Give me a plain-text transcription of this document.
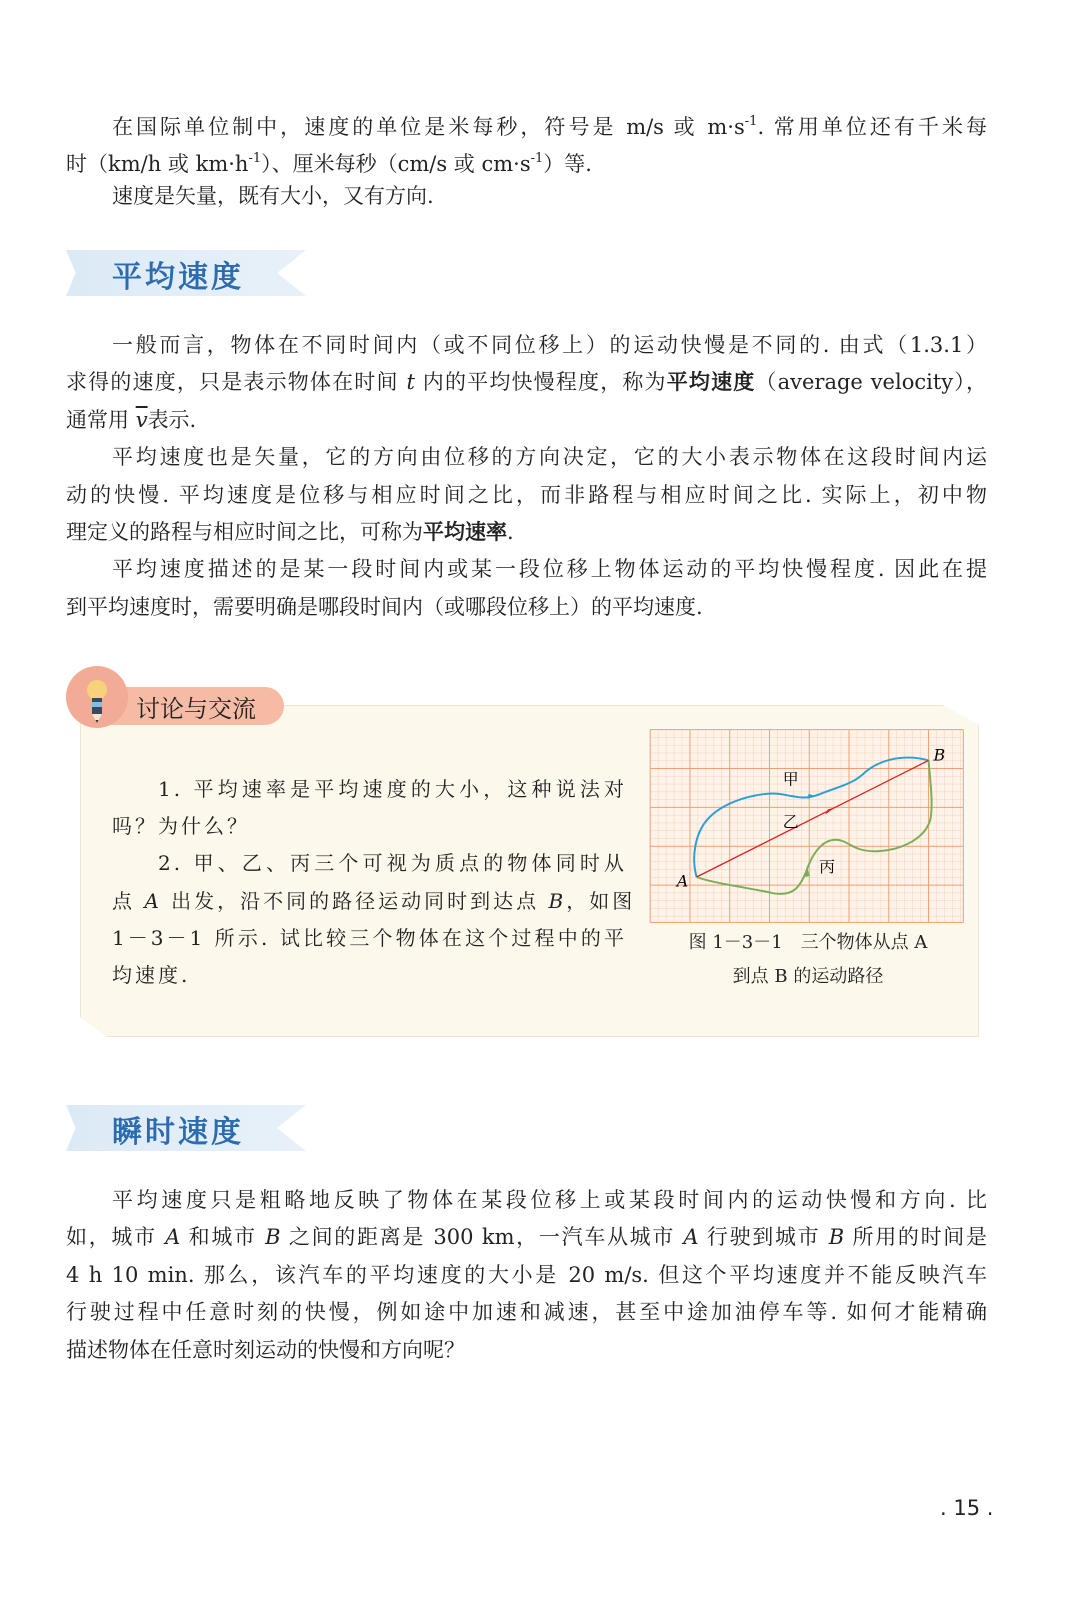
在国际单位制中，速度的单位是米每秒，符号是 m/s 或 $m\cdot s^{-1}$. 常用单位还有千米每
时（km/h 或 $km\cdot h^{-1}$）、厘米每秒（cm/s 或 $cm\cdot s^{-1}$）等.
速度是矢量，既有大小，又有方向.
平均速度
一般而言，物体在不同时间内（或不同位移上）的运动快慢是不同的. 由式（1.3.1）
求得的速度，只是表示物体在时间 t 内的平均快慢程度，称为平均速度（average velocity），
通常用 $\overline{v}$表示.
平均速度也是矢量，它的方向由位移的方向决定，它的大小表示物体在这段时间内运
动的快慢. 平均速度是位移与相应时间之比，而非路程与相应时间之比. 实际上，初中物
理定义的路程与相应时间之比，可称为平均速率.
平均速度描述的是某一段时间内或某一段位移上物体运动的平均快慢程度. 因此在提
到平均速度时，需要明确是哪段时间内（或哪段位移上）的平均速度.
讨论与交流
1. 平均速率是平均速度的大小，这种说法对
吗？为什么？
2. 甲、乙、丙三个可视为质点的物体同时从
点 A 出发，沿不同的路径运动同时到达点 B，如图
1－3－1 所示. 试比较三个物体在这个过程中的平
均速度.
A
B
甲
乙
丙
图 1－3－1　三个物体从点 A
到点 B 的运动路径
瞬时速度
平均速度只是粗略地反映了物体在某段位移上或某段时间内的运动快慢和方向. 比
如，城市 A 和城市 B 之间的距离是 300 km，一汽车从城市 A 行驶到城市 B 所用的时间是
4 h 10 min. 那么，该汽车的平均速度的大小是 20 m/s. 但这个平均速度并不能反映汽车
行驶过程中任意时刻的快慢，例如途中加速和减速，甚至中途加油停车等. 如何才能精确
描述物体在任意时刻运动的快慢和方向呢？
. 15 .
